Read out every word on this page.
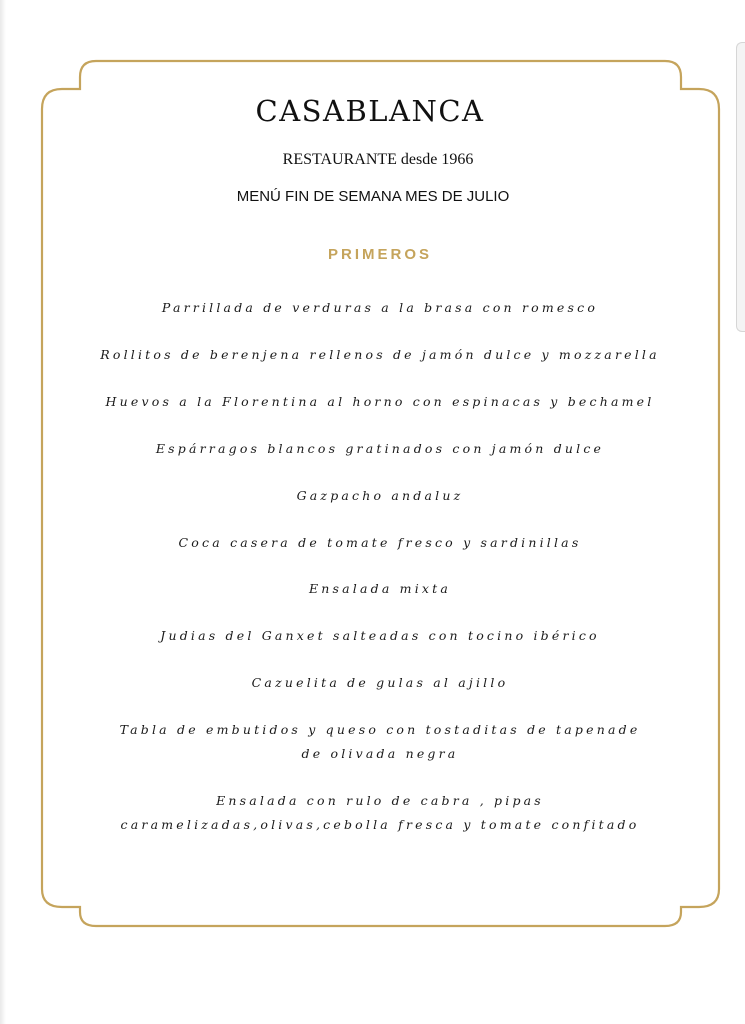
CASABLANCA
RESTAURANTE desde 1966
MENÚ FIN DE SEMANA MES DE JULIO
PRIMEROS
Parrillada de verduras a la brasa con romesco
Rollitos de berenjena rellenos de jamón dulce y mozzarella
Huevos a la Florentina al horno con espinacas y bechamel
Espárragos blancos gratinados con jamón dulce
Gazpacho andaluz
Coca casera de tomate fresco y sardinillas
Ensalada mixta
Judias del Ganxet salteadas con tocino ibérico
Cazuelita de gulas al ajillo
Tabla de embutidos y queso con tostaditas de tapenade de olivada negra
Ensalada con rulo de cabra , pipas caramelizadas,olivas,cebolla fresca y tomate confitado
